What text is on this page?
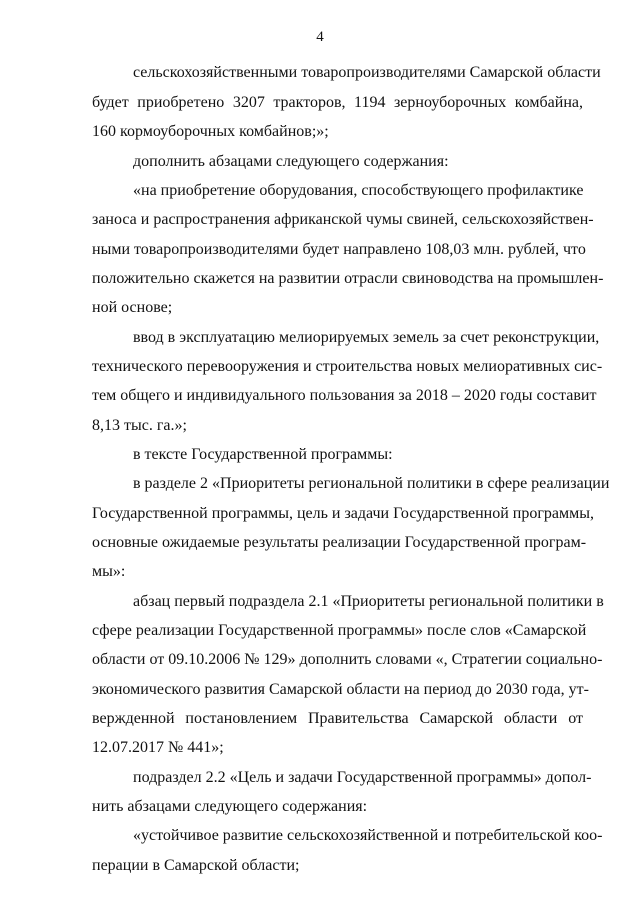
4
сельскохозяйственными товаропроизводителями Самарской области
будет приобретено 3207 тракторов, 1194 зерноуборочных комбайна,
160 кормоуборочных комбайнов;»;
дополнить абзацами следующего содержания:
«на приобретение оборудования, способствующего профилактике
заноса и распространения африканской чумы свиней, сельскохозяйствен-
ными товаропроизводителями будет направлено 108,03 млн. рублей, что
положительно скажется на развитии отрасли свиноводства на промышлен-
ной основе;
ввод в эксплуатацию мелиорируемых земель за счет реконструкции,
технического перевооружения и строительства новых мелиоративных сис-
тем общего и индивидуального пользования за 2018 – 2020 годы составит
8,13 тыс. га.»;
в тексте Государственной программы:
в разделе 2 «Приоритеты региональной политики в сфере реализации
Государственной программы, цель и задачи Государственной программы,
основные ожидаемые результаты реализации Государственной програм-
мы»:
абзац первый подраздела 2.1 «Приоритеты региональной политики в
сфере реализации Государственной программы» после слов «Самарской
области от 09.10.2006 № 129» дополнить словами «, Стратегии социально-
экономического развития Самарской области на период до 2030 года, ут-
вержденной постановлением Правительства Самарской области от
12.07.2017 № 441»;
подраздел 2.2 «Цель и задачи Государственной программы» допол-
нить абзацами следующего содержания:
«устойчивое развитие сельскохозяйственной и потребительской коо-
перации в Самарской области;
